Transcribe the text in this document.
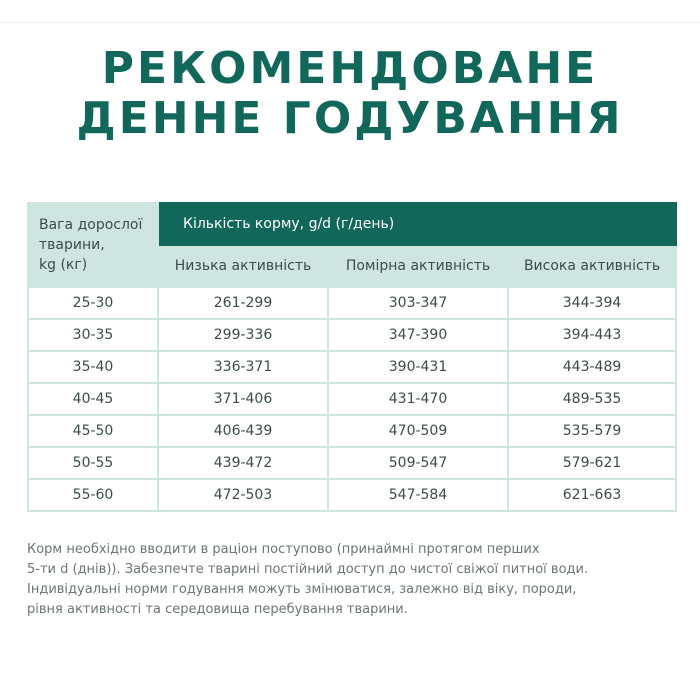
РЕКОМЕНДОВАНЕ
ДЕННЕ ГОДУВАННЯ
Вага дорослої
тварини,
kg (кг)	Кількість корму, g/d (г/день)		
	Низька активність	Помірна активність	Висока активність
25-30	261-299	303-347	344-394
30-35	299-336	347-390	394-443
35-40	336-371	390-431	443-489
40-45	371-406	431-470	489-535
45-50	406-439	470-509	535-579
50-55	439-472	509-547	579-621
55-60	472-503	547-584	621-663
Корм необхідно вводити в раціон поступово (принаймні протягом перших
5-ти d (днів)). Забезпечте тварині постійний доступ до чистої свіжої питної води.
Індивідуальні норми годування можуть змінюватися, залежно від віку, породи,
рівня активності та середовища перебування тварини.
